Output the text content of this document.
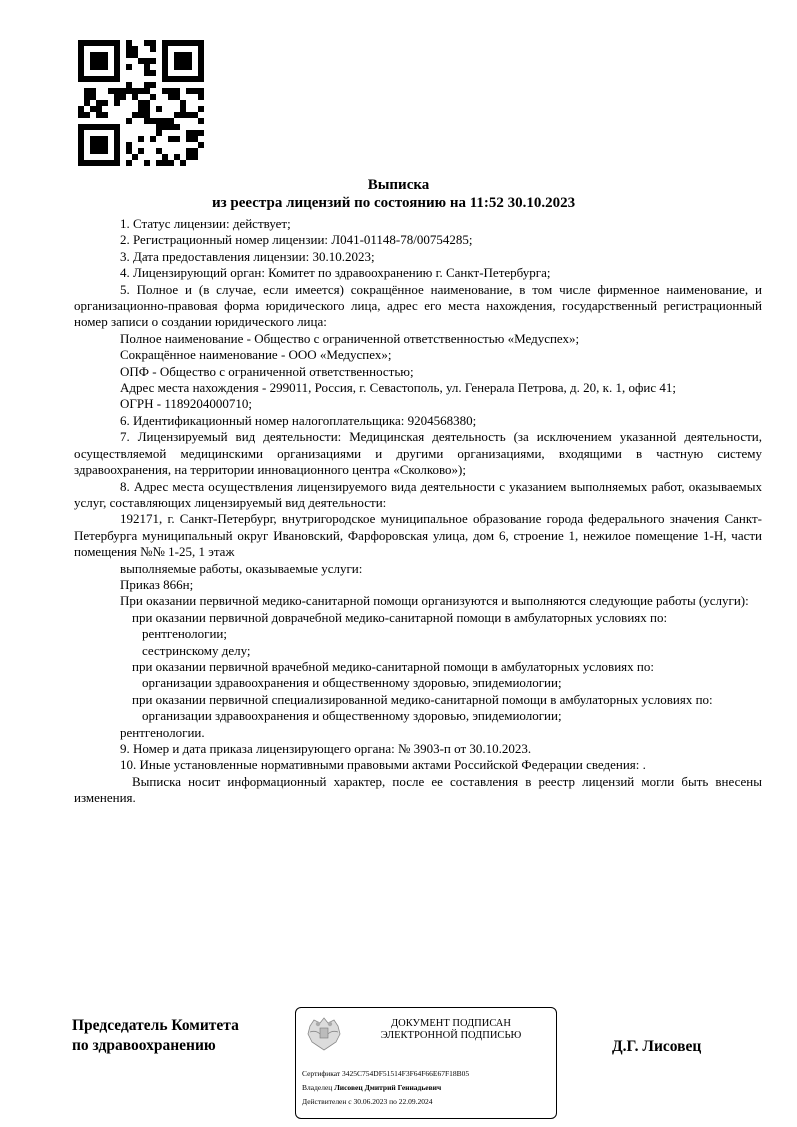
Выписка
из реестра лицензий по состоянию на 11:52 30.10.2023

1. Статус лицензии: действует;

2. Регистрационный номер лицензии: Л041-01148-78/00754285;

3. Дата предоставления лицензии: 30.10.2023;

4. Лицензирующий орган: Комитет по здравоохранению г. Санкт-Петербурга;

5. Полное и (в случае, если имеется) сокращённое наименование, в том числе фирменное наименование, и организационно-правовая форма юридического лица, адрес его места нахождения, государственный регистрационный номер записи о создании юридического лица:

Полное наименование - Общество с ограниченной ответственностью «Медуспех»;

Сокращённое наименование - ООО «Медуспех»;

ОПФ - Общество с ограниченной ответственностью;

Адрес места нахождения - 299011, Россия, г. Севастополь, ул. Генерала Петрова, д. 20, к. 1, офис 41;

ОГРН - 1189204000710;

6. Идентификационный номер налогоплательщика: 9204568380;

7. Лицензируемый вид деятельности: Медицинская деятельность (за исключением указанной деятельности, осуществляемой медицинскими организациями и другими организациями, входящими в частную систему здравоохранения, на территории инновационного центра «Сколково»);

8. Адрес места осуществления лицензируемого вида деятельности с указанием выполняемых работ, оказываемых услуг, составляющих лицензируемый вид деятельности:

192171, г. Санкт-Петербург, внутригородское муниципальное образование города федерального значения Санкт-Петербурга муниципальный округ Ивановский, Фарфоровская улица, дом 6, строение 1, нежилое помещение 1-Н, части помещения №№ 1-25, 1 этаж

выполняемые работы, оказываемые услуги:

Приказ 866н;

При оказании первичной медико-санитарной помощи организуются и выполняются следующие работы (услуги):

при оказании первичной доврачебной медико-санитарной помощи в амбулаторных условиях по:

рентгенологии;

сестринскому делу;

при оказании первичной врачебной медико-санитарной помощи в амбулаторных условиях по:

организации здравоохранения и общественному здоровью, эпидемиологии;

при оказании первичной специализированной медико-санитарной помощи в амбулаторных условиях по:

организации здравоохранения и общественному здоровью, эпидемиологии;

рентгенологии.

9. Номер и дата приказа лицензирующего органа: № 3903-п от 30.10.2023.

10. Иные установленные нормативными правовыми актами Российской Федерации сведения: .

Выписка носит информационный характер, после ее составления в реестр лицензий могли быть внесены изменения.

Председатель Комитета
по здравоохранению
ДОКУМЕНТ ПОДПИСАН
ЭЛЕКТРОННОЙ ПОДПИСЬЮ
Сертификат 3425C754DF51514F3F64F66E67F18B05
Владелец Лисовец Дмитрий Геннадьевич
Действителен с 30.06.2023 по 22.09.2024
Д.Г. Лисовец
